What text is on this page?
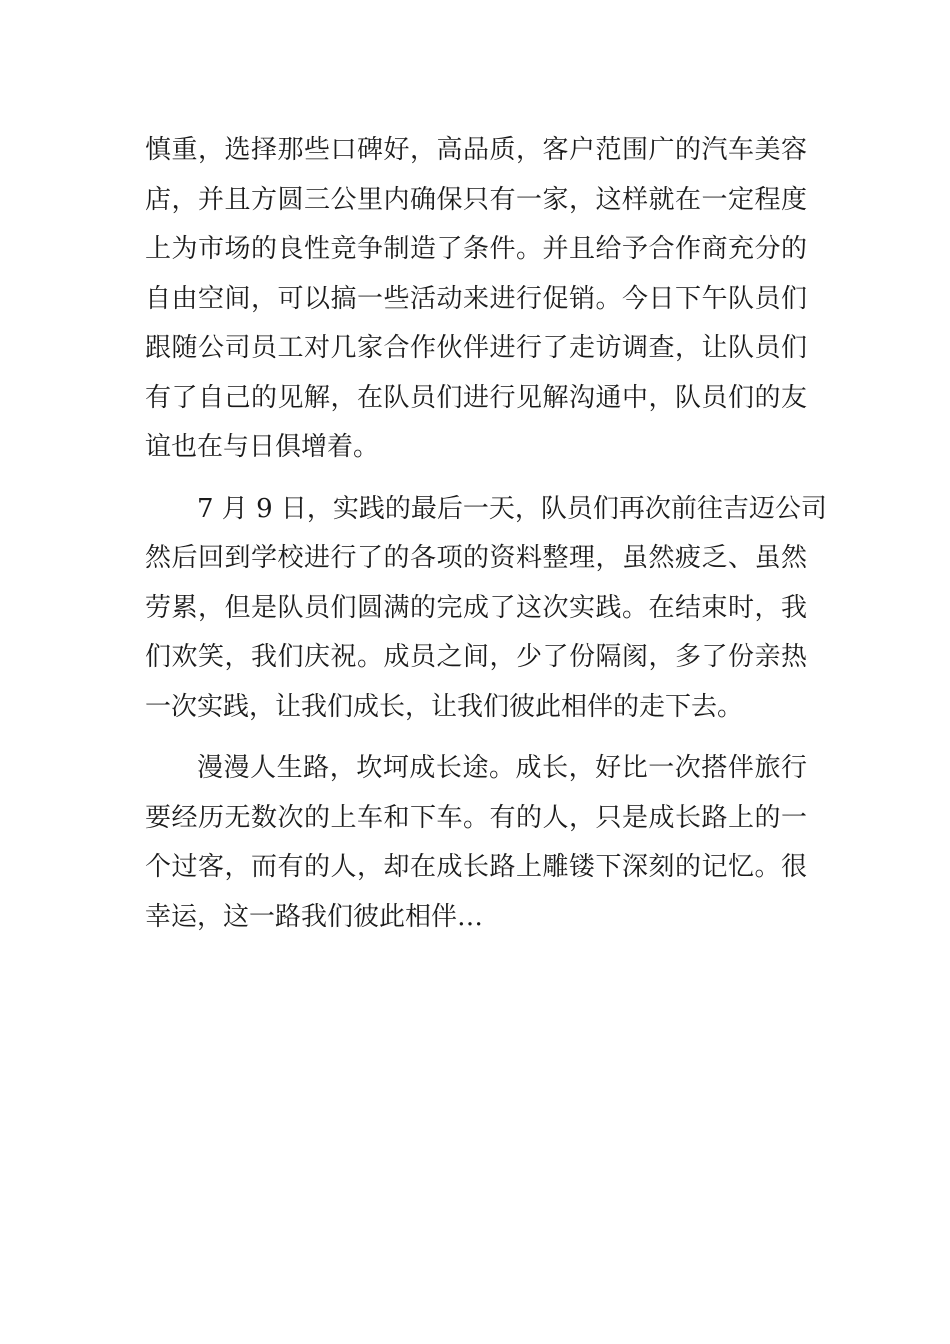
慎重，选择那些口碑好，高品质，客户范围广的汽车美容
店，并且方圆三公里内确保只有一家，这样就在一定程度
上为市场的良性竞争制造了条件。并且给予合作商充分的
自由空间，可以搞一些活动来进行促销。今日下午队员们
跟随公司员工对几家合作伙伴进行了走访调查，让队员们
有了自己的见解，在队员们进行见解沟通中，队员们的友
谊也在与日俱增着。
7 月 9 日，实践的最后一天，队员们再次前往吉迈公司
然后回到学校进行了的各项的资料整理，虽然疲乏、虽然
劳累，但是队员们圆满的完成了这次实践。在结束时，我
们欢笑，我们庆祝。成员之间，少了份隔阂，多了份亲热
一次实践，让我们成长，让我们彼此相伴的走下去。
漫漫人生路，坎坷成长途。成长，好比一次搭伴旅行
要经历无数次的上车和下车。有的人，只是成长路上的一
个过客，而有的人，却在成长路上雕镂下深刻的记忆。很
幸运，这一路我们彼此相伴…
